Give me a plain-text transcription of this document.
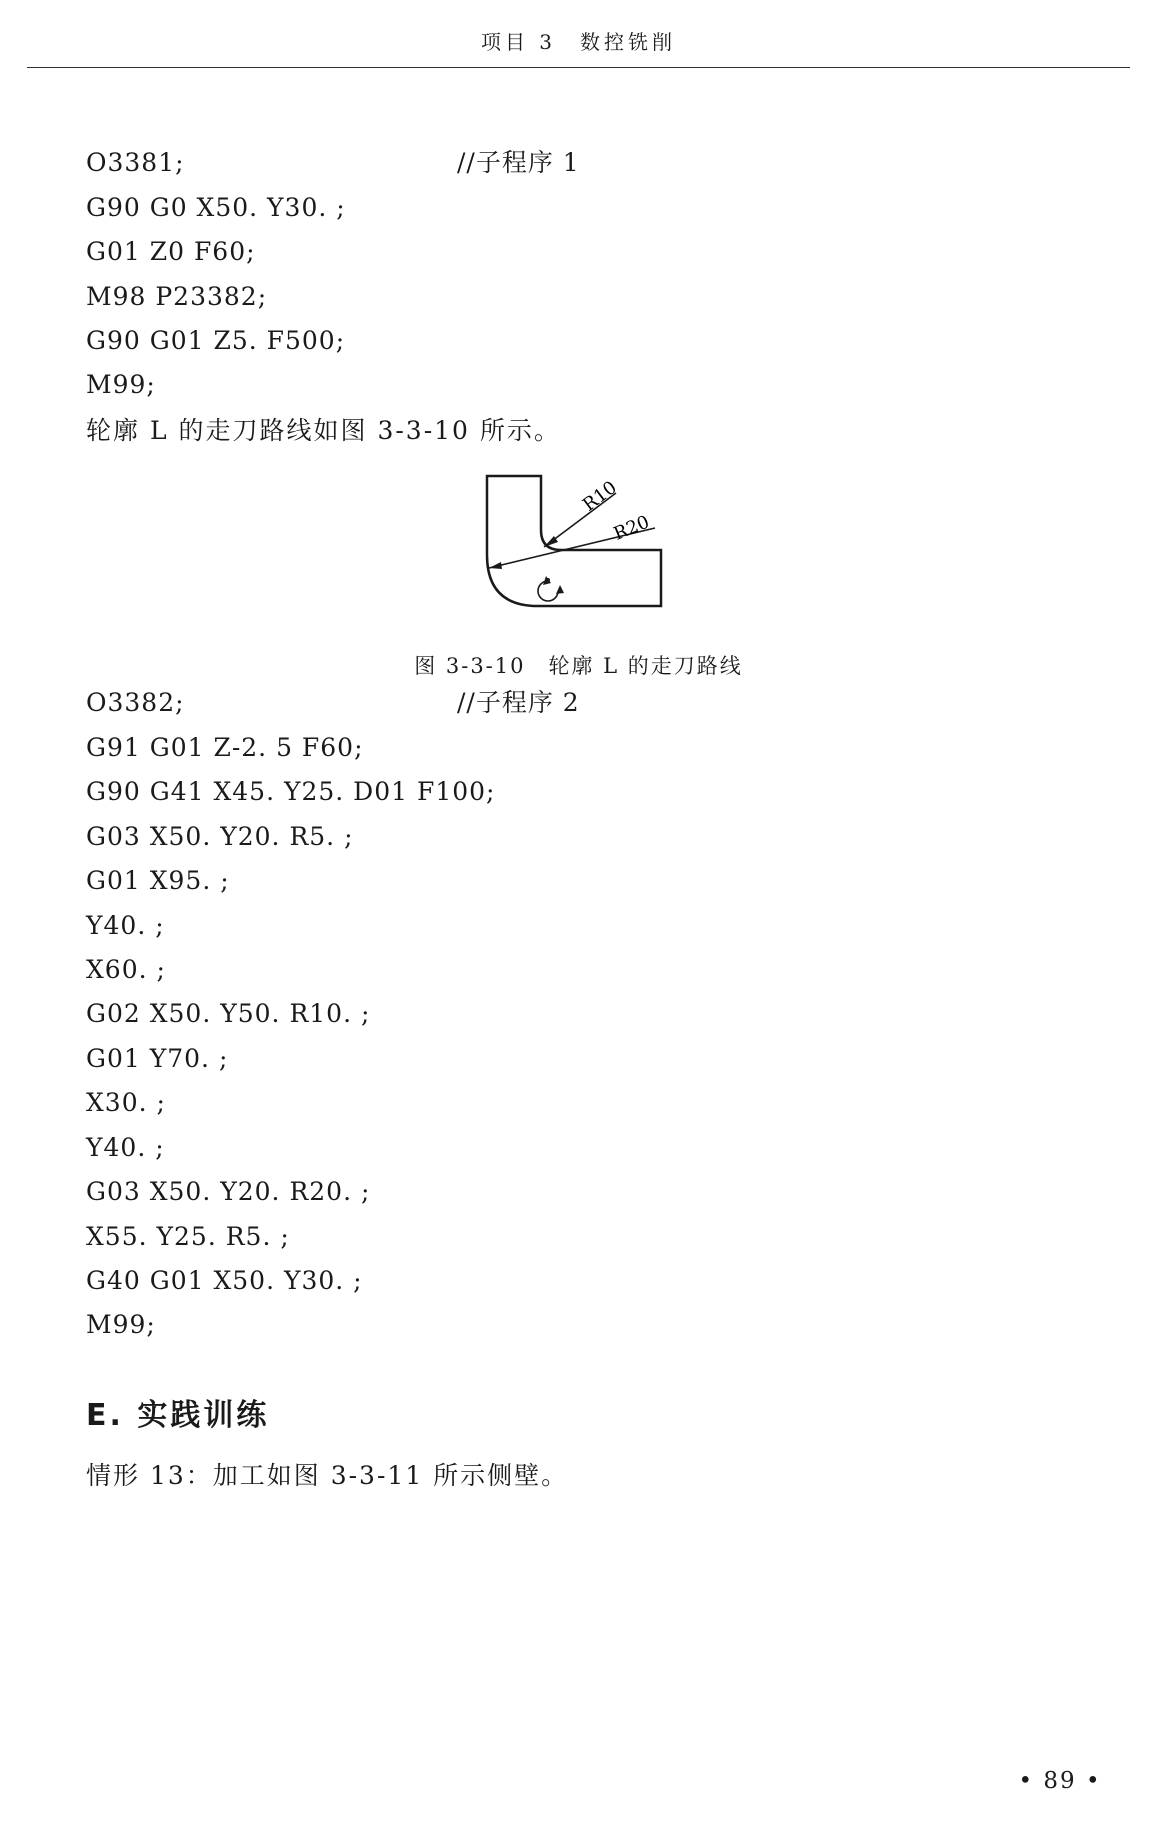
项目 3　数控铣削
O3381;	//子程序 1
G90 G0 X50. Y30. ;
G01 Z0 F60;
M98 P23382;
G90 G01 Z5. F500;
M99;
轮廓 L 的走刀路线如图 3-3-10 所示。
R10
R20
图 3-3-10　轮廓 L 的走刀路线
O3382;	//子程序 2
G91 G01 Z-2. 5 F60;
G90 G41 X45. Y25. D01 F100;
G03 X50. Y20. R5. ;
G01 X95. ;
Y40. ;
X60. ;
G02 X50. Y50. R10. ;
G01 Y70. ;
X30. ;
Y40. ;
G03 X50. Y20. R20. ;
X55. Y25. R5. ;
G40 G01 X50. Y30. ;
M99;
E. 实践训练
情形 13：加工如图 3-3-11 所示侧壁。
• 89 •
